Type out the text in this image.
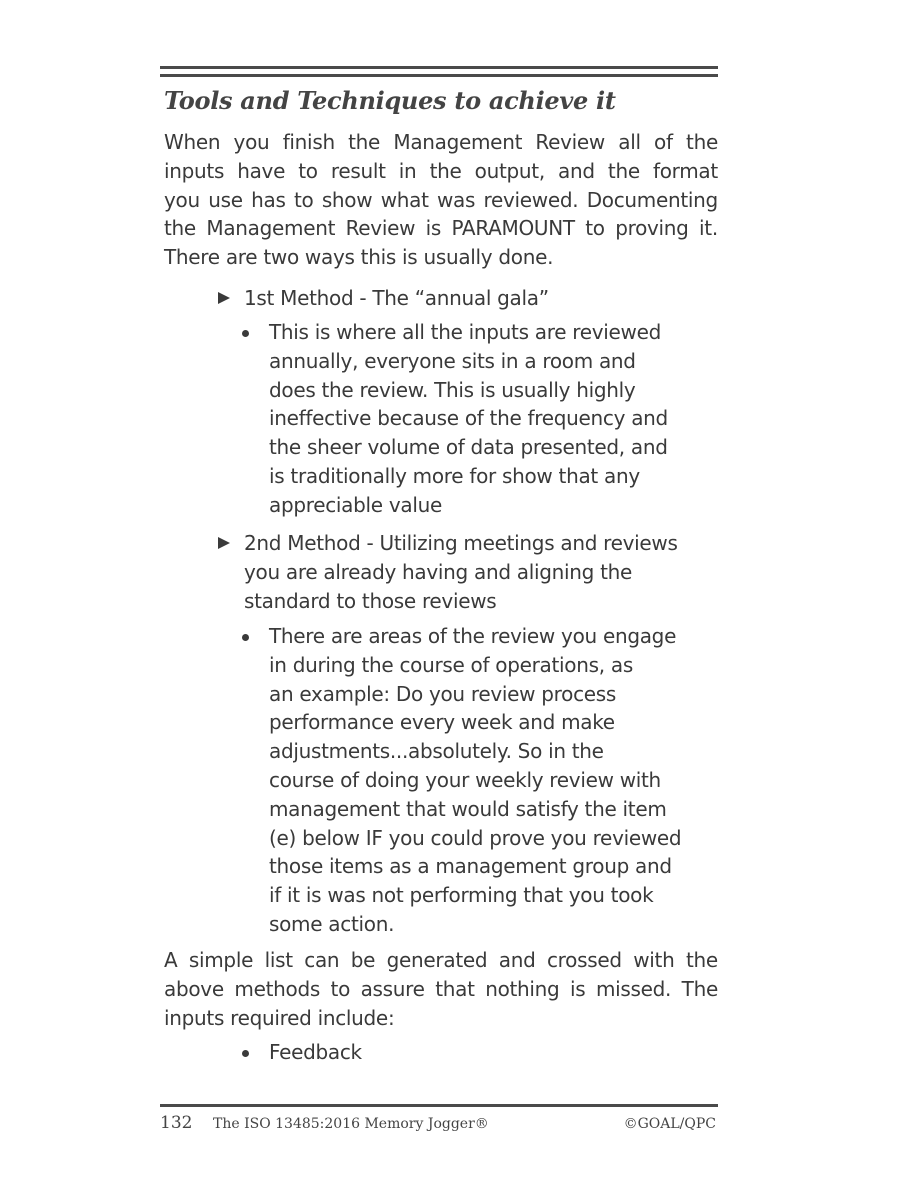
Tools and Techniques to achieve it
When you finish the Management Review all of the
inputs have to result in the output, and the format
you use has to show what was reviewed. Documenting
the Management Review is PARAMOUNT to proving it.
There are two ways this is usually done.
1st Method - The “annual gala”
This is where all the inputs are reviewed
annually, everyone sits in a room and
does the review. This is usually highly
ineffective because of the frequency and
the sheer volume of data presented, and
is traditionally more for show that any
appreciable value
2nd Method - Utilizing meetings and reviews
you are already having and aligning the
standard to those reviews
There are areas of the review you engage
in during the course of operations, as
an example: Do you review process
performance every week and make
adjustments...absolutely. So in the
course of doing your weekly review with
management that would satisfy the item
(e) below IF you could prove you reviewed
those items as a management group and
if it is was not performing that you took
some action.
A simple list can be generated and crossed with the
above methods to assure that nothing is missed. The
inputs required include:
Feedback
132 The ISO 13485:2016 Memory Jogger®	©GOAL/QPC
